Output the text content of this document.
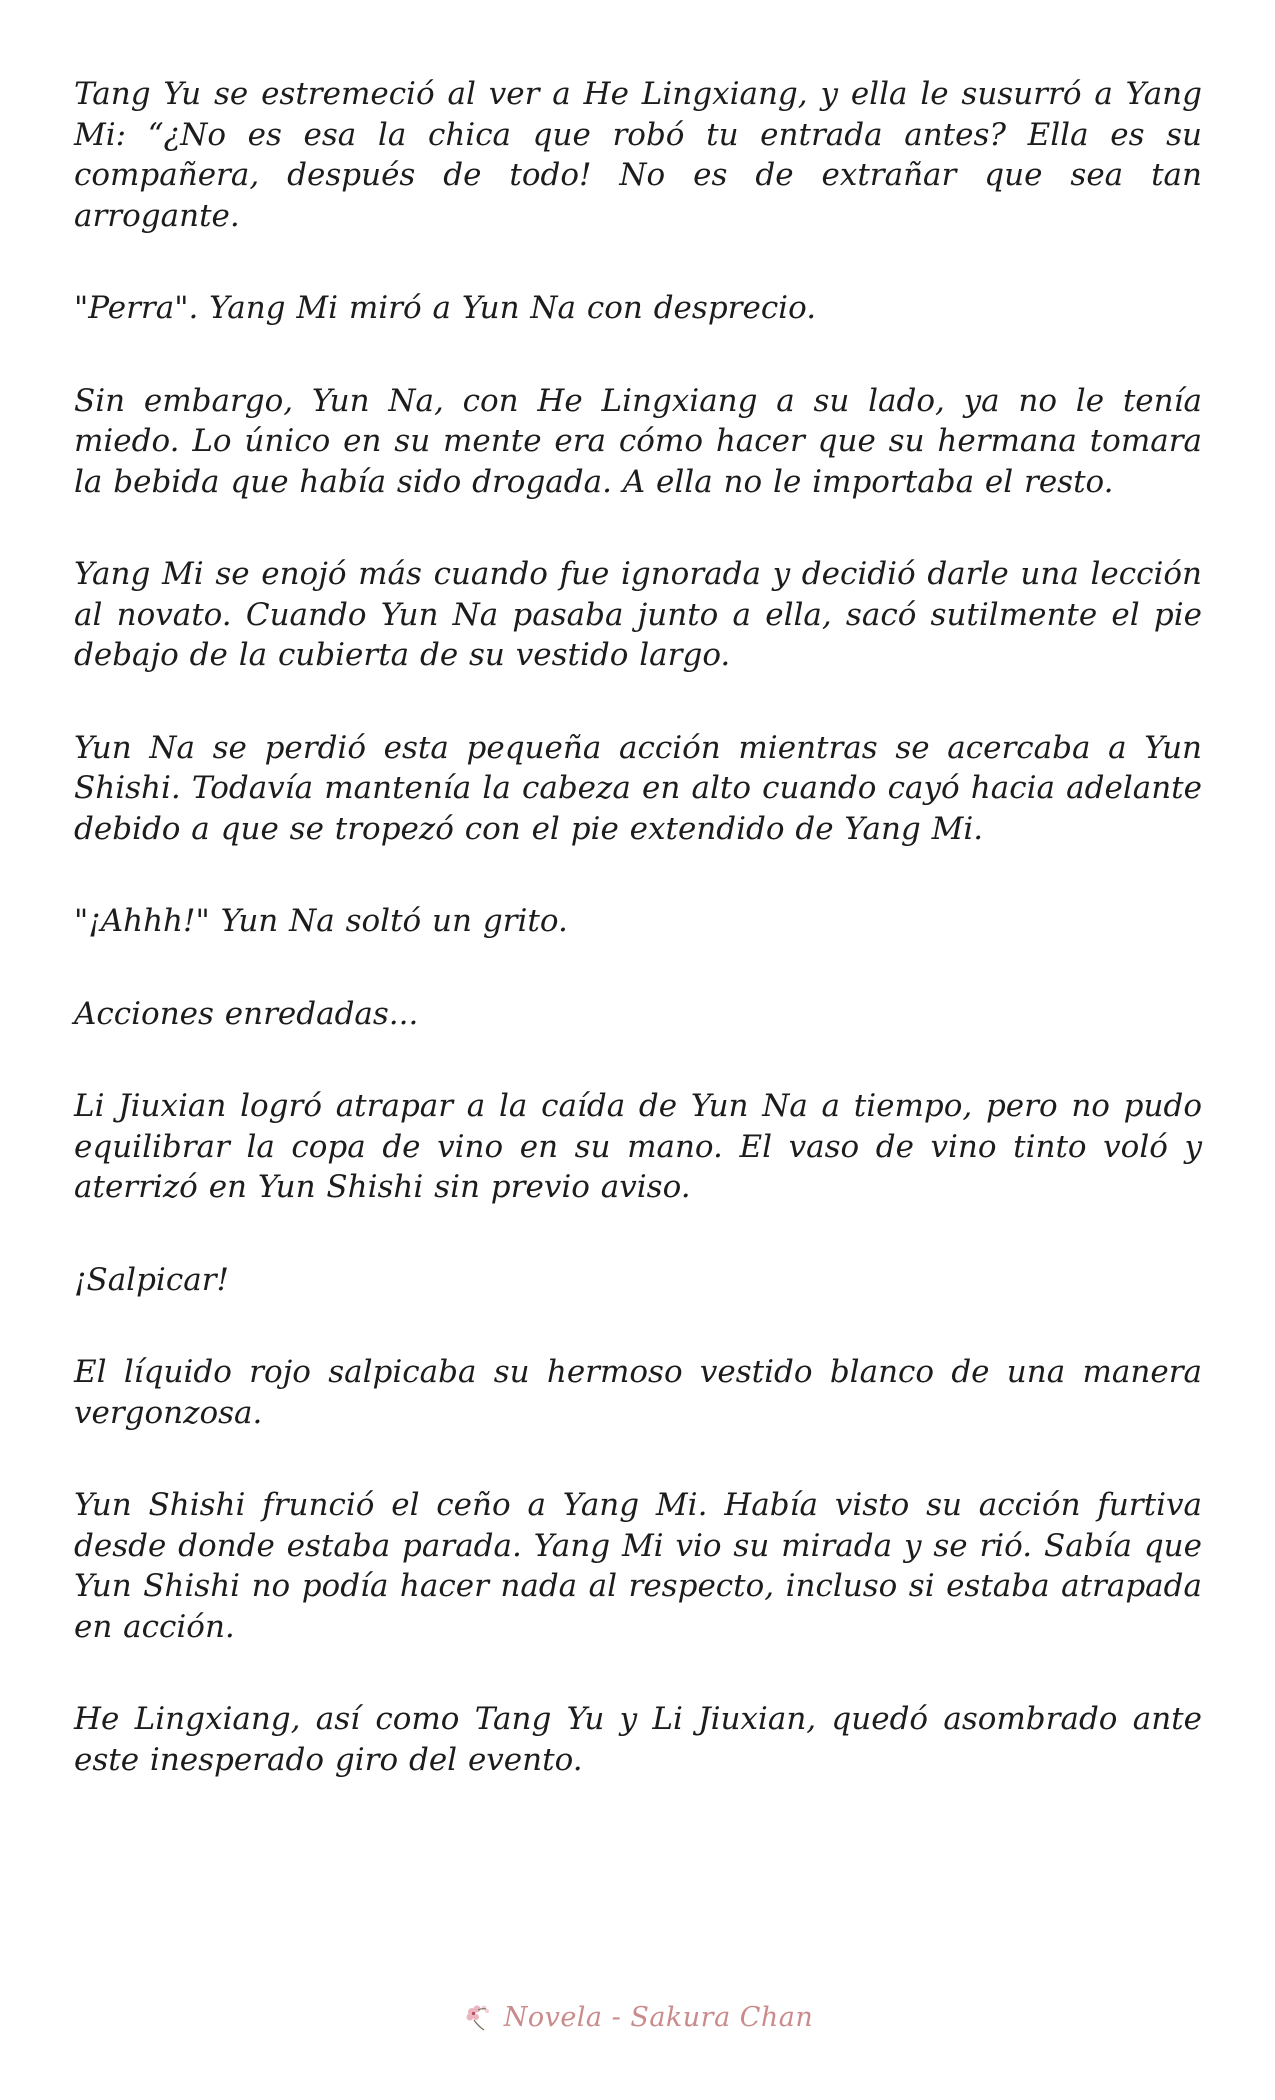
Tang Yu se estremeció al ver a He Lingxiang, y ella le susurró a Yang Mi: “¿No es esa la chica que robó tu entrada antes? Ella es su compañera, después de todo! No es de extrañar que sea tan arrogante.

"Perra". Yang Mi miró a Yun Na con desprecio.

Sin embargo, Yun Na, con He Lingxiang a su lado, ya no le tenía miedo. Lo único en su mente era cómo hacer que su hermana tomara la bebida que había sido drogada. A ella no le importaba el resto.

Yang Mi se enojó más cuando fue ignorada y decidió darle una lección al novato. Cuando Yun Na pasaba junto a ella, sacó sutilmente el pie debajo de la cubierta de su vestido largo.

Yun Na se perdió esta pequeña acción mientras se acercaba a Yun Shishi. Todavía mantenía la cabeza en alto cuando cayó hacia adelante debido a que se tropezó con el pie extendido de Yang Mi.

"¡Ahhh!" Yun Na soltó un grito.

Acciones enredadas...

Li Jiuxian logró atrapar a la caída de Yun Na a tiempo, pero no pudo equilibrar la copa de vino en su mano. El vaso de vino tinto voló y aterrizó en Yun Shishi sin previo aviso.

¡Salpicar!

El líquido rojo salpicaba su hermoso vestido blanco de una manera vergonzosa.

Yun Shishi frunció el ceño a Yang Mi. Había visto su acción furtiva desde donde estaba parada. Yang Mi vio su mirada y se rió. Sabía que Yun Shishi no podía hacer nada al respecto, incluso si estaba atrapada en acción.

He Lingxiang, así como Tang Yu y Li Jiuxian, quedó asombrado ante este inesperado giro del evento.

Novela - Sakura Chan
